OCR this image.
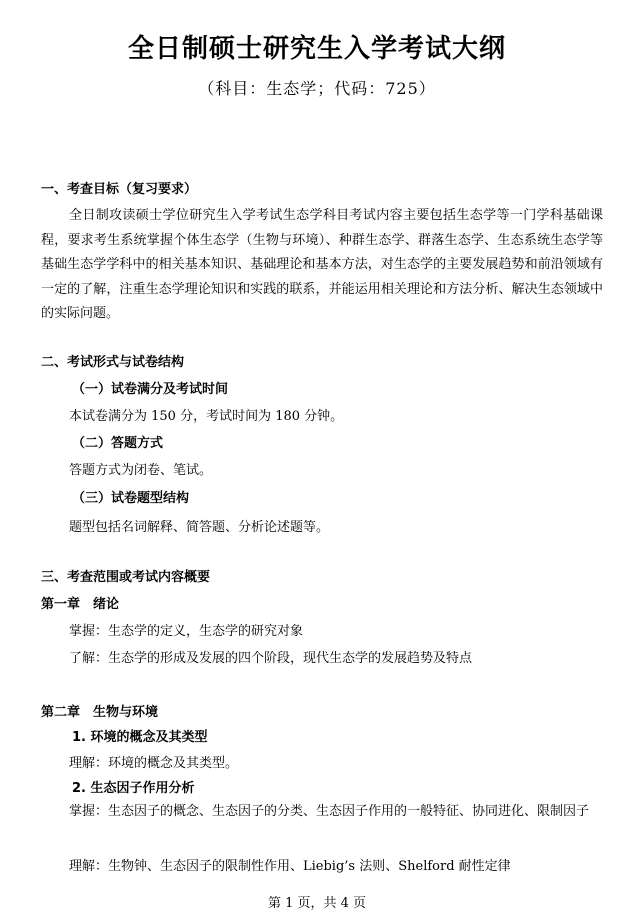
全日制硕士研究生入学考试大纲
（科目：生态学；代码：725）
一、考查目标（复习要求）
全日制攻读硕士学位研究生入学考试生态学科目考试内容主要包括生态学等一门学科基础课程，要求考生系统掌握个体生态学（生物与环境）、种群生态学、群落生态学、生态系统生态学等基础生态学学科中的相关基本知识、基础理论和基本方法，对生态学的主要发展趋势和前沿领域有一定的了解，注重生态学理论知识和实践的联系，并能运用相关理论和方法分析、解决生态领域中的实际问题。
二、考试形式与试卷结构
（一）试卷满分及考试时间
本试卷满分为 150 分，考试时间为 180 分钟。
（二）答题方式
答题方式为闭卷、笔试。
（三）试卷题型结构
题型包括名词解释、简答题、分析论述题等。
三、考查范围或考试内容概要
第一章　绪论
掌握：生态学的定义，生态学的研究对象
了解：生态学的形成及发展的四个阶段，现代生态学的发展趋势及特点
第二章　生物与环境
1. 环境的概念及其类型
理解：环境的概念及其类型。
2. 生态因子作用分析
掌握：生态因子的概念、生态因子的分类、生态因子作用的一般特征、协同进化、限制因子
理解：生物钟、生态因子的限制性作用、Liebig’s 法则、Shelford 耐性定律
第 1 页，共 4 页
